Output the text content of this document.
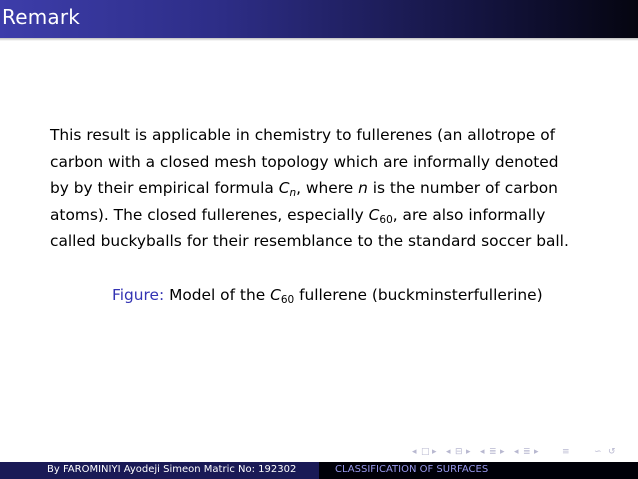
Remark
This result is applicable in chemistry to fullerenes (an allotrope of
carbon with a closed mesh topology which are informally denoted
by by their empirical formula $C_n$, where n is the number of carbon
atoms). The closed fullerenes, especially $C_{60}$, are also informally
called buckyballs for their resemblance to the standard soccer ball.
Figure: Model of the $C_{60}$ fullerene (buckminsterfullerine)
◂ □ ▸ ◂ ⊟ ▸ ◂ ≣ ▸ ◂ ≣ ▸	≡	∽ ↺
By FAROMINIYI Ayodeji Simeon Matric No: 192302	CLASSIFICATION OF SURFACES
